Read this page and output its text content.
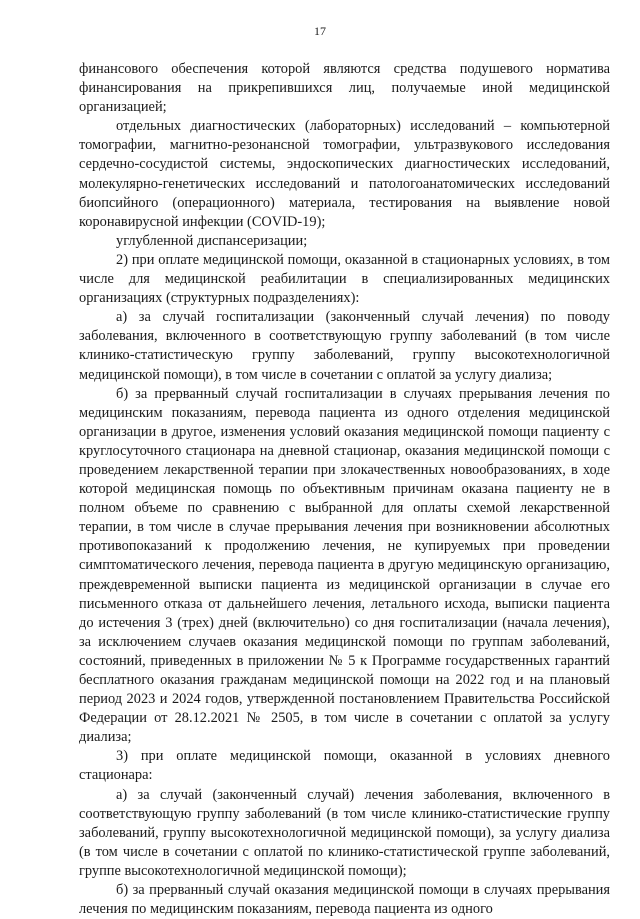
17

финансового обеспечения которой являются средства подушевого норматива финансирования на прикрепившихся лиц, получаемые иной медицинской организацией;

отдельных диагностических (лабораторных) исследований – компьютерной томографии, магнитно-резонансной томографии, ультразвукового исследования сердечно-сосудистой системы, эндоскопических диагностических исследований, молекулярно-генетических исследований и патологоанатомических исследований биопсийного (операционного) материала, тестирования на выявление новой коронавирусной инфекции (COVID-19);

углубленной диспансеризации;

2) при оплате медицинской помощи, оказанной в стационарных условиях, в том числе для медицинской реабилитации в специализированных медицинских организациях (структурных подразделениях):

а) за случай госпитализации (законченный случай лечения) по поводу заболевания, включенного в соответствующую группу заболеваний (в том числе клинико-статистическую группу заболеваний, группу высокотехнологичной медицинской помощи), в том числе в сочетании с оплатой за услугу диализа;

б) за прерванный случай госпитализации в случаях прерывания лечения по медицинским показаниям, перевода пациента из одного отделения медицинской организации в другое, изменения условий оказания медицинской помощи пациенту с круглосуточного стационара на дневной стационар, оказания медицинской помощи с проведением лекарственной терапии при злокачественных новообразованиях, в ходе которой медицинская помощь по объективным причинам оказана пациенту не в полном объеме по сравнению с выбранной для оплаты схемой лекарственной терапии, в том числе в случае прерывания лечения при возникновении абсолютных противопоказаний к продолжению лечения, не купируемых при проведении симптоматического лечения, перевода пациента в другую медицинскую организацию, преждевременной выписки пациента из медицинской организации в случае его письменного отказа от дальнейшего лечения, летального исхода, выписки пациента до истечения 3 (трех) дней (включительно) со дня госпитализации (начала лечения), за исключением случаев оказания медицинской помощи по группам заболеваний, состояний, приведенных в приложении № 5 к Программе государственных гарантий бесплатного оказания гражданам медицинской помощи на 2022 год и на плановый период 2023 и 2024 годов, утвержденной постановлением Правительства Российской Федерации от 28.12.2021 № 2505, в том числе в сочетании с оплатой за услугу диализа;

3) при оплате медицинской помощи, оказанной в условиях дневного стационара:

а) за случай (законченный случай) лечения заболевания, включенного в соответствующую группу заболеваний (в том числе клинико-статистические группу заболеваний, группу высокотехнологичной медицинской помощи), за услугу диализа (в том числе в сочетании с оплатой по клинико-статистической группе заболеваний, группе высокотехнологичной медицинской помощи);

б) за прерванный случай оказания медицинской помощи в случаях прерывания лечения по медицинским показаниям, перевода пациента из одного
